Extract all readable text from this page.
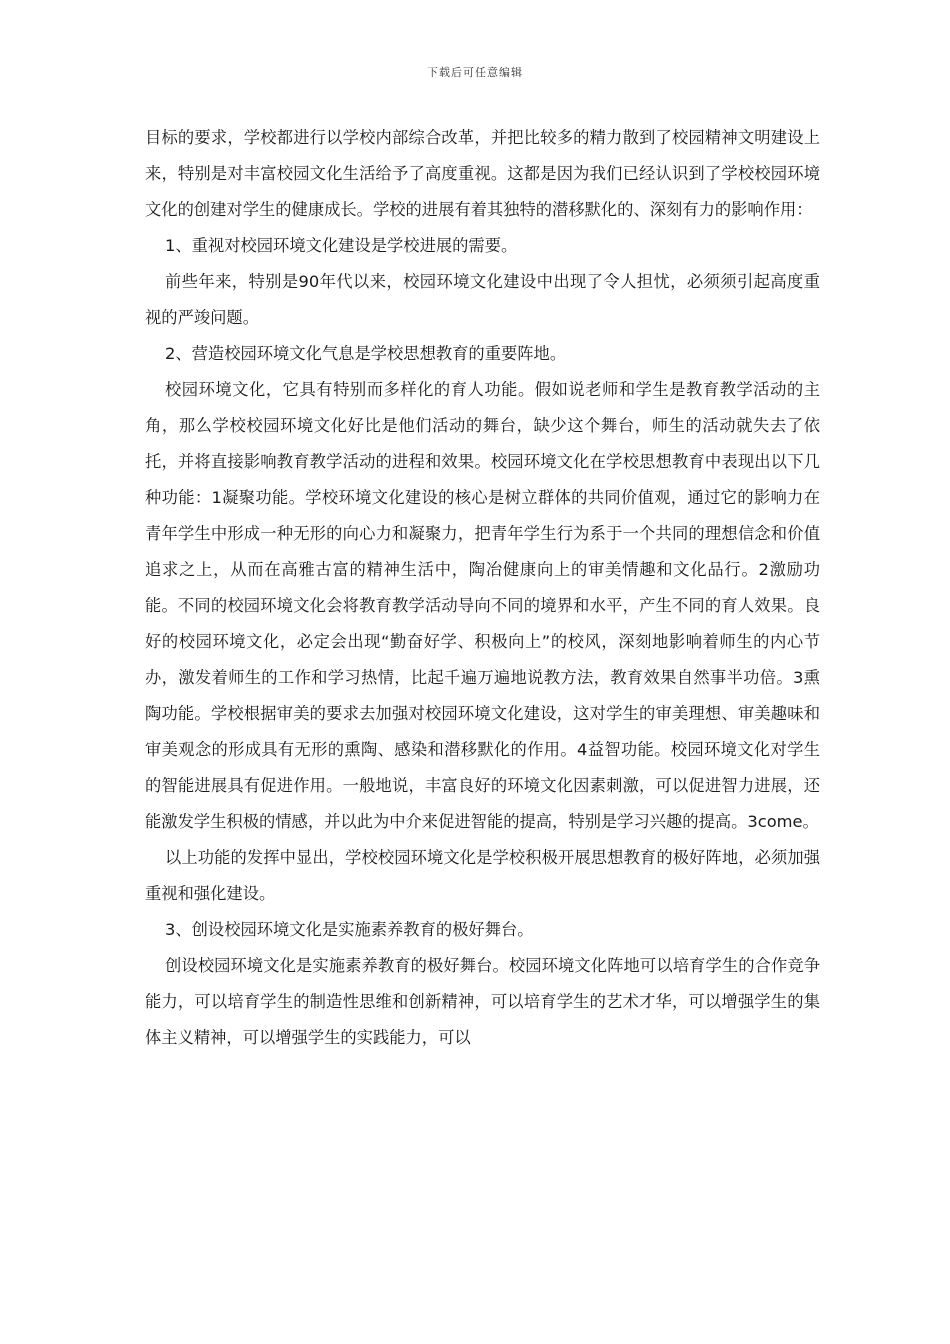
下载后可任意编辑

目标的要求，学校都进行以学校内部综合改革，并把比较多的精力散到了校园精神文明建设上来，特别是对丰富校园文化生活给予了高度重视。这都是因为我们已经认识到了学校校园环境文化的创建对学生的健康成长。学校的进展有着其独特的潜移默化的、深刻有力的影响作用：

1、重视对校园环境文化建设是学校进展的需要。

前些年来，特别是90年代以来，校园环境文化建设中出现了令人担忧，必须须引起高度重视的严竣问题。

2、营造校园环境文化气息是学校思想教育的重要阵地。

校园环境文化，它具有特别而多样化的育人功能。假如说老师和学生是教育教学活动的主角，那么学校校园环境文化好比是他们活动的舞台，缺少这个舞台，师生的活动就失去了依托，并将直接影响教育教学活动的进程和效果。校园环境文化在学校思想教育中表现出以下几种功能：1凝聚功能。学校环境文化建设的核心是树立群体的共同价值观，通过它的影响力在青年学生中形成一种无形的向心力和凝聚力，把青年学生行为系于一个共同的理想信念和价值追求之上，从而在高雅古富的精神生活中，陶冶健康向上的审美情趣和文化品行。2激励功能。不同的校园环境文化会将教育教学活动导向不同的境界和水平，产生不同的育人效果。良好的校园环境文化，必定会出现“勤奋好学、积极向上”的校风，深刻地影响着师生的内心节办，激发着师生的工作和学习热情，比起千遍万遍地说教方法，教育效果自然事半功倍。3熏陶功能。学校根据审美的要求去加强对校园环境文化建设，这对学生的审美理想、审美趣味和审美观念的形成具有无形的熏陶、感染和潜移默化的作用。4益智功能。校园环境文化对学生的智能进展具有促进作用。一般地说，丰富良好的环境文化因素刺激，可以促进智力进展，还能激发学生积极的情感，并以此为中介来促进智能的提高，特别是学习兴趣的提高。3come。

以上功能的发挥中显出，学校校园环境文化是学校积极开展思想教育的极好阵地，必须加强重视和强化建设。

3、创设校园环境文化是实施素养教育的极好舞台。

创设校园环境文化是实施素养教育的极好舞台。校园环境文化阵地可以培育学生的合作竞争能力，可以培育学生的制造性思维和创新精神，可以培育学生的艺术才华，可以增强学生的集体主义精神，可以增强学生的实践能力，可以
